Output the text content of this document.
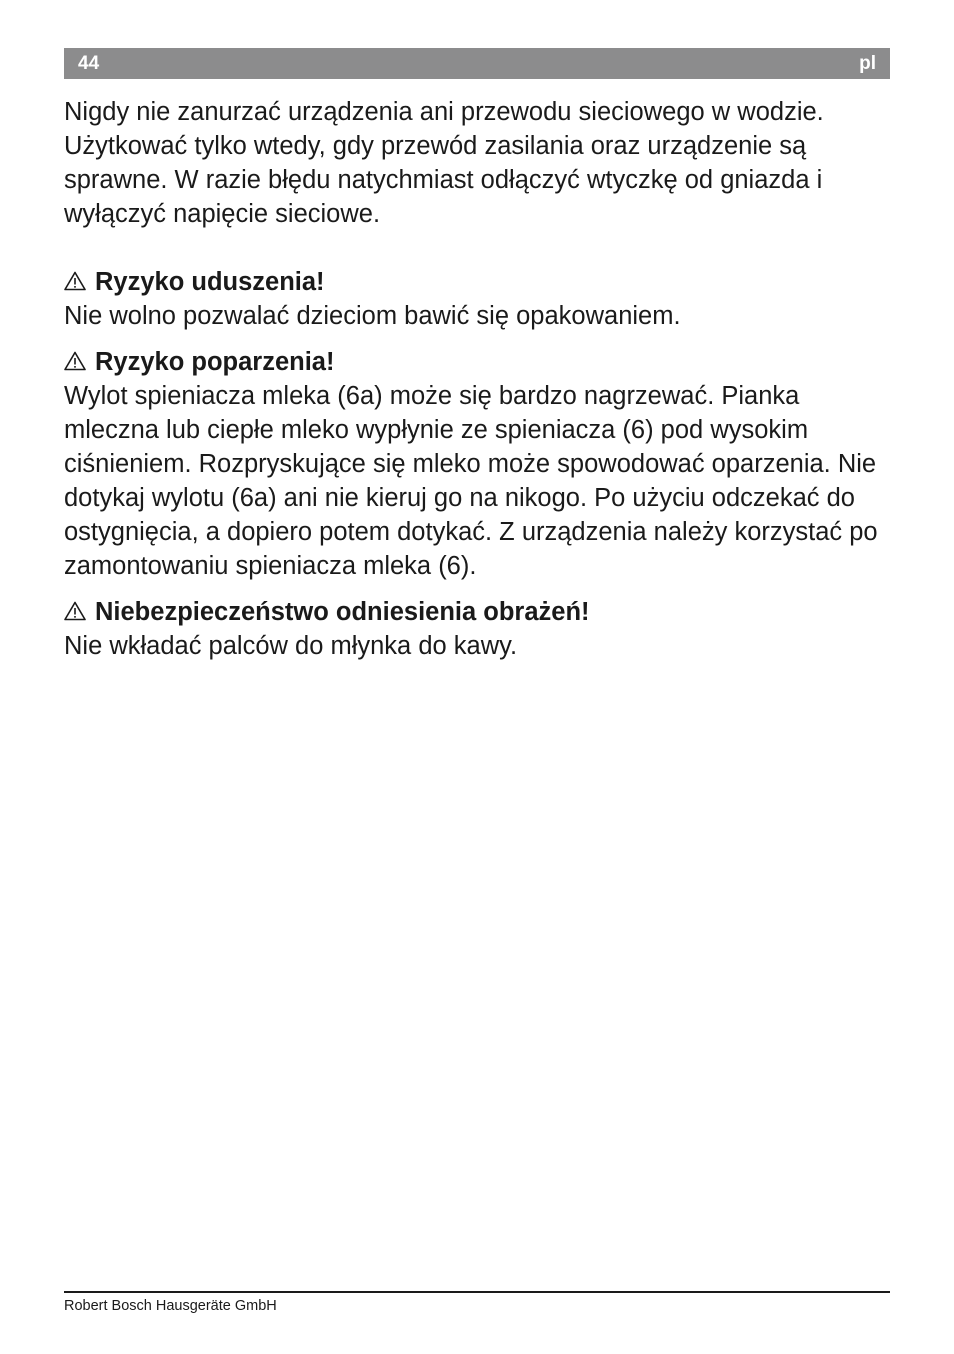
44	pl

Nigdy nie zanurzać urządzenia ani przewodu sieciowego w wodzie. Użytkować tylko wtedy, gdy przewód zasilania oraz urządzenie są sprawne. W razie błędu natychmiast odłączyć wtyczkę od gniazda i wyłączyć napięcie sieciowe.

Ryzyko uduszenia!

Nie wolno pozwalać dzieciom bawić się opakowaniem.

Ryzyko poparzenia!

Wylot spieniacza mleka (6a) może się bardzo nagrzewać. Pianka mleczna lub ciepłe mleko wypłynie ze spieniacza (6) pod wysokim ciśnieniem. Rozpryskujące się mleko może spowodować oparzenia. Nie dotykaj wylotu (6a) ani nie kieruj go na nikogo. Po użyciu odczekać do ostygnięcia, a dopiero potem dotykać. Z urządzenia należy korzystać po zamontowaniu spieniacza mleka (6).

Niebezpieczeństwo odniesienia obrażeń!

Nie wkładać palców do młynka do kawy.

Robert Bosch Hausgeräte GmbH
